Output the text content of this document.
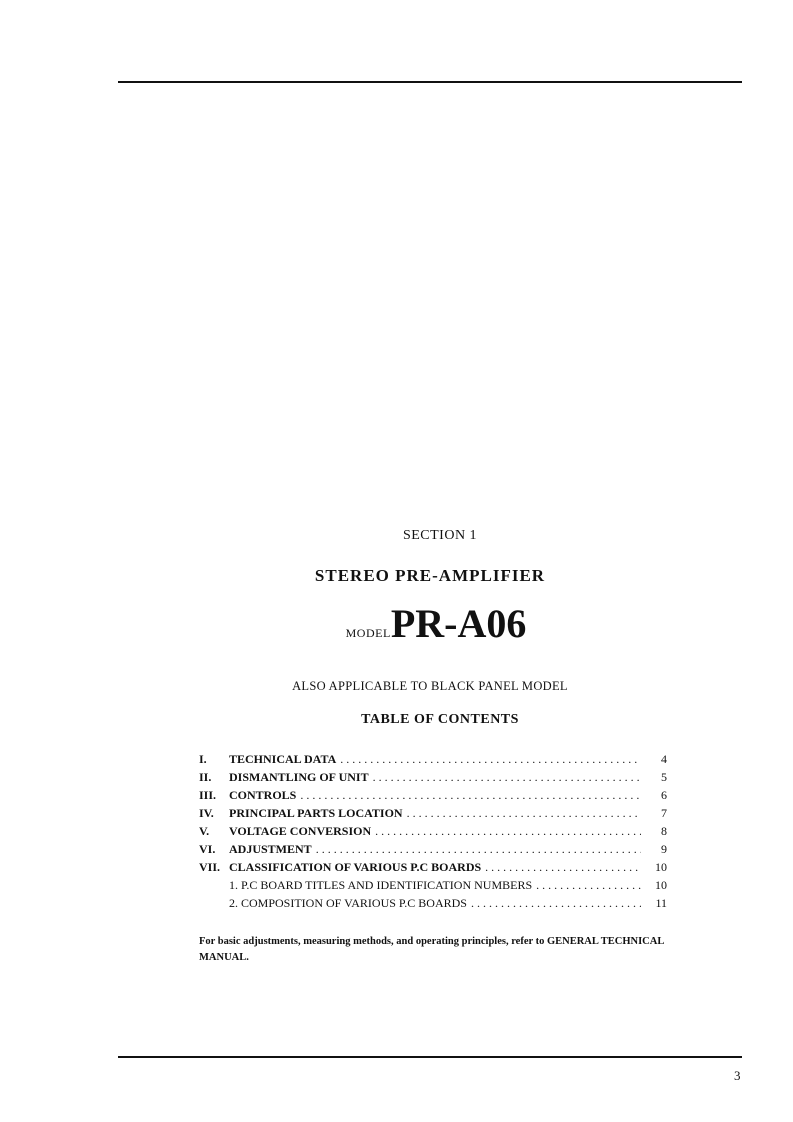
SECTION 1
STEREO PRE-AMPLIFIER
MODELPR-A06
ALSO APPLICABLE TO BLACK PANEL MODEL
TABLE OF CONTENTS
I.	TECHNICAL DATA . . .	4
II.	DISMANTLING OF UNIT . . .	5
III.	CONTROLS . . .	6
IV.	PRINCIPAL PARTS LOCATION . . .	7
V.	VOLTAGE CONVERSION . . .	8
VI.	ADJUSTMENT . . .	9
VII. CLASSIFICATION OF VARIOUS P.C BOARDS . . .	10
1. P.C BOARD TITLES AND IDENTIFICATION NUMBERS . . .	10
2. COMPOSITION OF VARIOUS P.C BOARDS . . .	11
For basic adjustments, measuring methods, and operating principles, refer to GENERAL TECHNICAL MANUAL.
3
